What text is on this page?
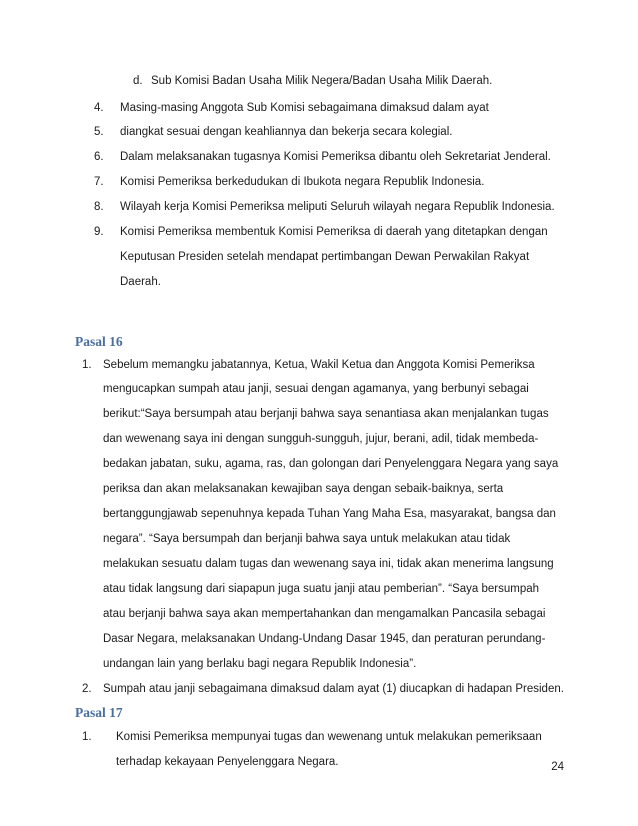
d. Sub Komisi Badan Usaha Milik Negera/Badan Usaha Milik Daerah.
4. Masing-masing Anggota Sub Komisi sebagaimana dimaksud dalam ayat
5. diangkat sesuai dengan keahliannya dan bekerja secara kolegial.
6. Dalam melaksanakan tugasnya Komisi Pemeriksa dibantu oleh Sekretariat Jenderal.
7. Komisi Pemeriksa berkedudukan di Ibukota negara Republik Indonesia.
8. Wilayah kerja Komisi Pemeriksa meliputi Seluruh wilayah negara Republik Indonesia.
9. Komisi Pemeriksa membentuk Komisi Pemeriksa di daerah yang ditetapkan dengan
Keputusan Presiden setelah mendapat pertimbangan Dewan Perwakilan Rakyat
Daerah.
Pasal 16
1. Sebelum memangku jabatannya, Ketua, Wakil Ketua dan Anggota Komisi Pemeriksa
mengucapkan sumpah atau janji, sesuai dengan agamanya, yang berbunyi sebagai
berikut:“Saya bersumpah atau berjanji bahwa saya senantiasa akan menjalankan tugas
dan wewenang saya ini dengan sungguh-sungguh, jujur, berani, adil, tidak membeda-
bedakan jabatan, suku, agama, ras, dan golongan dari Penyelenggara Negara yang saya
periksa dan akan melaksanakan kewajiban saya dengan sebaik-baiknya, serta
bertanggungjawab sepenuhnya kepada Tuhan Yang Maha Esa, masyarakat, bangsa dan
negara”. “Saya bersumpah dan berjanji bahwa saya untuk melakukan atau tidak
melakukan sesuatu dalam tugas dan wewenang saya ini, tidak akan menerima langsung
atau tidak langsung dari siapapun juga suatu janji atau pemberian”. “Saya bersumpah
atau berjanji bahwa saya akan mempertahankan dan mengamalkan Pancasila sebagai
Dasar Negara, melaksanakan Undang-Undang Dasar 1945, dan peraturan perundang-
undangan lain yang berlaku bagi negara Republik Indonesia”.
2. Sumpah atau janji sebagaimana dimaksud dalam ayat (1) diucapkan di hadapan Presiden.
Pasal 17
1. Komisi Pemeriksa mempunyai tugas dan wewenang untuk melakukan pemeriksaan
terhadap kekayaan Penyelenggara Negara.	24
